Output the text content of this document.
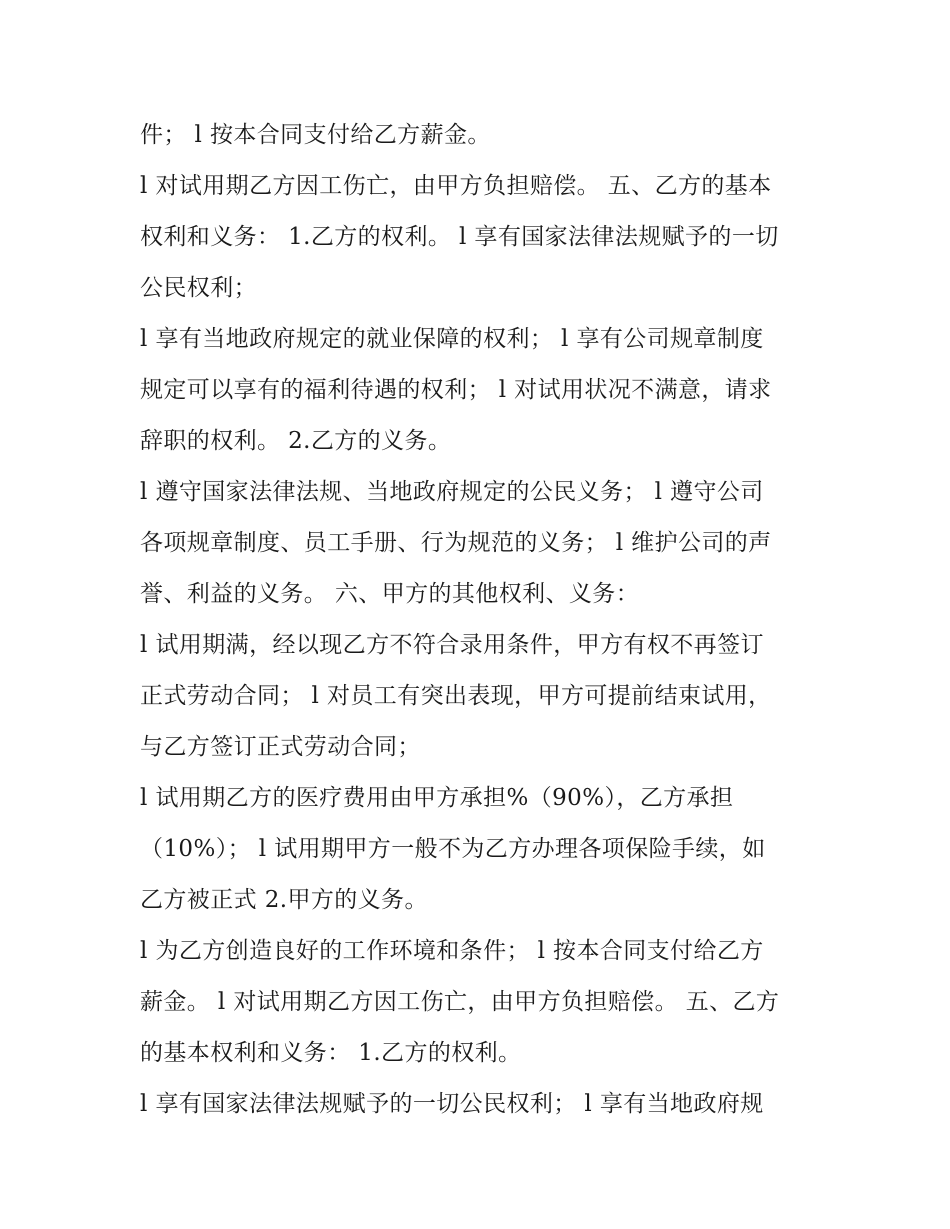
件； l 按本合同支付给乙方薪金。
l 对试用期乙方因工伤亡，由甲方负担赔偿。 五、乙方的基本
权利和义务： 1.乙方的权利。 l 享有国家法律法规赋予的一切
公民权利；
l 享有当地政府规定的就业保障的权利； l 享有公司规章制度
规定可以享有的福利待遇的权利； l 对试用状况不满意，请求
辞职的权利。 2.乙方的义务。
l 遵守国家法律法规、当地政府规定的公民义务； l 遵守公司
各项规章制度、员工手册、行为规范的义务； l 维护公司的声
誉、利益的义务。 六、甲方的其他权利、义务：
l 试用期满，经以现乙方不符合录用条件，甲方有权不再签订
正式劳动合同； l 对员工有突出表现，甲方可提前结束试用，
与乙方签订正式劳动合同；
l 试用期乙方的医疗费用由甲方承担%（90%），乙方承担
（10%）； l 试用期甲方一般不为乙方办理各项保险手续，如
乙方被正式 2.甲方的义务。
l 为乙方创造良好的工作环境和条件； l 按本合同支付给乙方
薪金。 l 对试用期乙方因工伤亡，由甲方负担赔偿。 五、乙方
的基本权利和义务： 1.乙方的权利。
l 享有国家法律法规赋予的一切公民权利； l 享有当地政府规
